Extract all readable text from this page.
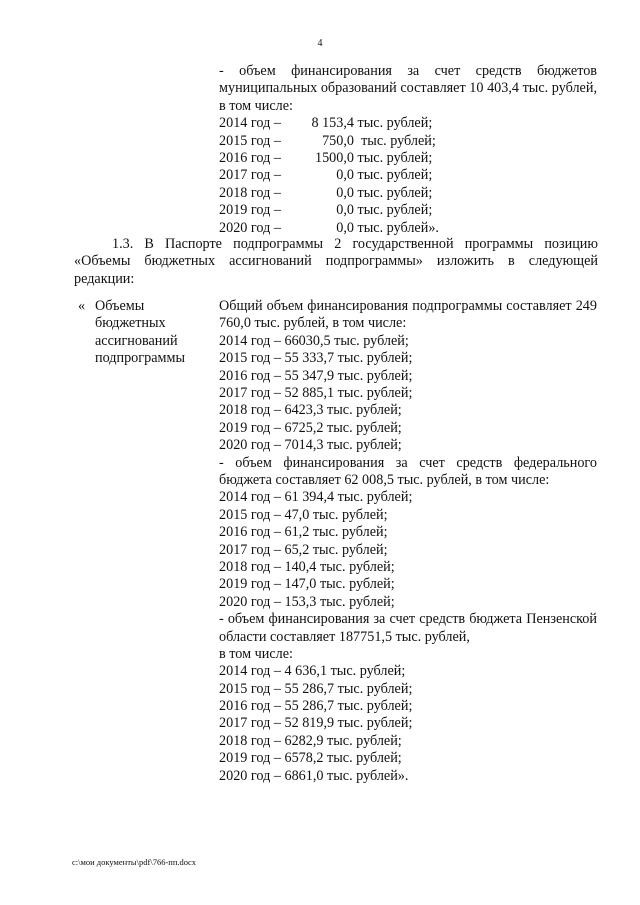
4
- объем финансирования за счет средств бюджетов муниципальных образований составляет 10 403,4 тыс. рублей, в том числе:
2014 год – 8 153,4 тыс. рублей;
2015 год –	750,0  тыс. рублей;
2016 год – 1500,0 тыс. рублей;
2017 год –	0,0 тыс. рублей;
2018 год –	0,0 тыс. рублей;
2019 год –	0,0 тыс. рублей;
2020 год –	0,0 тыс. рублей».
1.3. В Паспорте подпрограммы 2 государственной программы позицию «Объемы бюджетных ассигнований подпрограммы» изложить в следующей редакции:
« Объемы
бюджетных
ассигнований
подпрограммы
Общий объем финансирования подпрограммы составляет 249 760,0 тыс. рублей, в том числе:
2014 год – 66030,5 тыс. рублей;
2015 год – 55 333,7 тыс. рублей;
2016 год – 55 347,9 тыс. рублей;
2017 год – 52 885,1 тыс. рублей;
2018 год – 6423,3 тыс. рублей;
2019 год – 6725,2 тыс. рублей;
2020 год – 7014,3 тыс. рублей;
- объем финансирования за счет средств федерального бюджета составляет 62 008,5 тыс. рублей, в том числе:
2014 год – 61 394,4 тыс. рублей;
2015 год – 47,0 тыс. рублей;
2016 год – 61,2 тыс. рублей;
2017 год – 65,2 тыс. рублей;
2018 год – 140,4 тыс. рублей;
2019 год – 147,0 тыс. рублей;
2020 год – 153,3 тыс. рублей;
- объем финансирования за счет средств бюджета Пензенской области составляет 187751,5 тыс. рублей,
в том числе:
2014 год – 4 636,1 тыс. рублей;
2015 год – 55 286,7 тыс. рублей;
2016 год – 55 286,7 тыс. рублей;
2017 год – 52 819,9 тыс. рублей;
2018 год – 6282,9 тыс. рублей;
2019 год – 6578,2 тыс. рублей;
2020 год – 6861,0 тыс. рублей».
c:\мои документы\pdf\766-пп.docx
